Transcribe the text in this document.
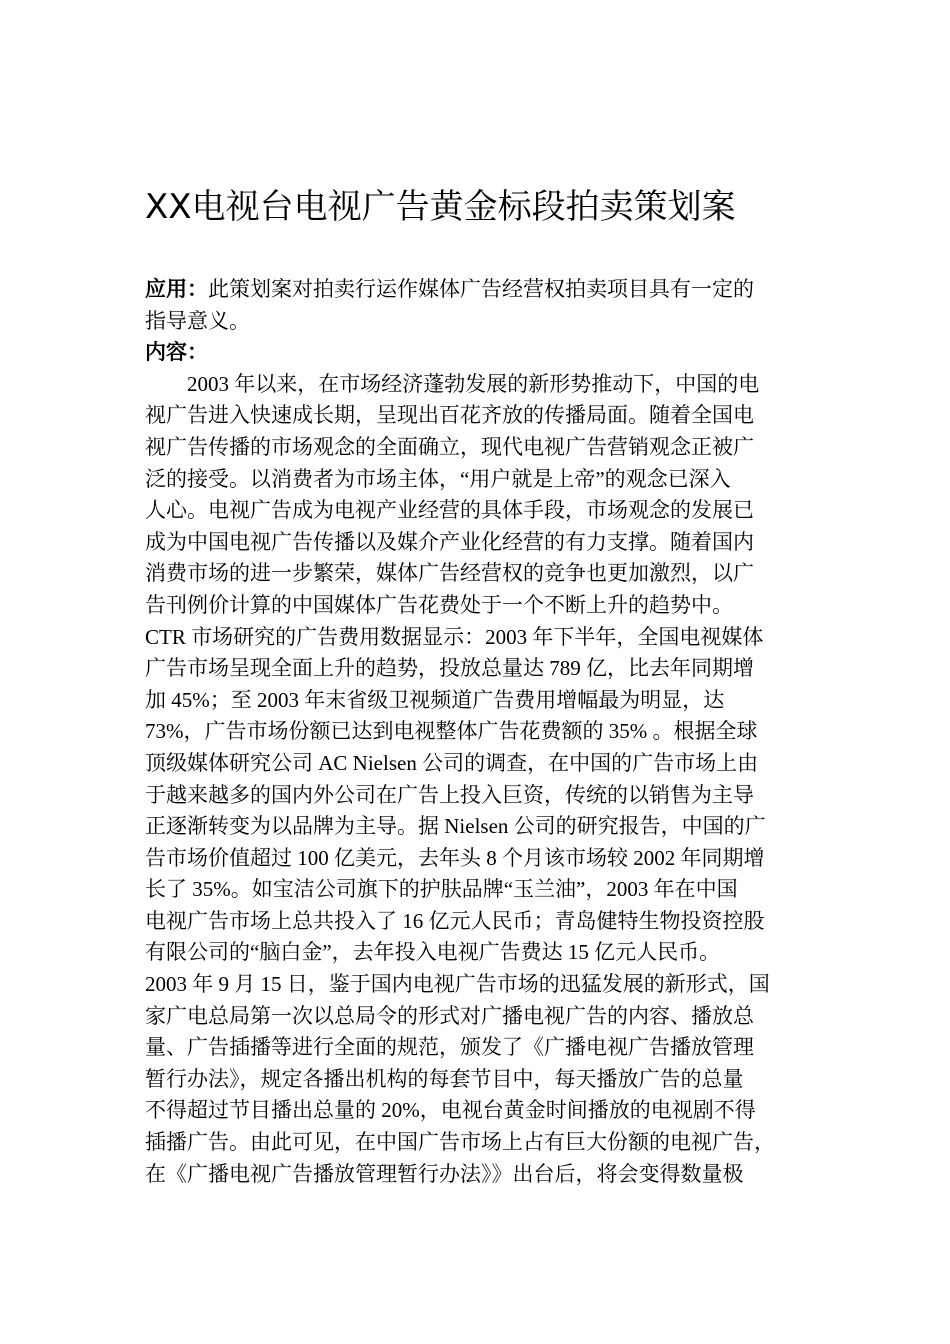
XX电视台电视广告黄金标段拍卖策划案

应用：此策划案对拍卖行运作媒体广告经营权拍卖项目具有一定的
指导意义。

内容：

2003 年以来，在市场经济蓬勃发展的新形势推动下，中国的电
视广告进入快速成长期，呈现出百花齐放的传播局面。随着全国电
视广告传播的市场观念的全面确立，现代电视广告营销观念正被广
泛的接受。以消费者为市场主体，“用户就是上帝”的观念已深入
人心。电视广告成为电视产业经营的具体手段，市场观念的发展已
成为中国电视广告传播以及媒介产业化经营的有力支撑。随着国内
消费市场的进一步繁荣，媒体广告经营权的竞争也更加激烈，以广
告刊例价计算的中国媒体广告花费处于一个不断上升的趋势中。
CTR 市场研究的广告费用数据显示：2003 年下半年，全国电视媒体
广告市场呈现全面上升的趋势，投放总量达 789 亿，比去年同期增
加 45%；至 2003 年末省级卫视频道广告费用增幅最为明显，达
73%，广告市场份额已达到电视整体广告花费额的 35% 。根据全球
顶级媒体研究公司 AC Nielsen 公司的调查，在中国的广告市场上由
于越来越多的国内外公司在广告上投入巨资，传统的以销售为主导
正逐渐转变为以品牌为主导。据 Nielsen 公司的研究报告，中国的广
告市场价值超过 100 亿美元，去年头 8 个月该市场较 2002 年同期增
长了 35%。如宝洁公司旗下的护肤品牌“玉兰油”，2003 年在中国
电视广告市场上总共投入了 16 亿元人民币；青岛健特生物投资控股
有限公司的“脑白金”，去年投入电视广告费达 15 亿元人民币。
2003 年 9 月 15 日，鉴于国内电视广告市场的迅猛发展的新形式，国
家广电总局第一次以总局令的形式对广播电视广告的内容、播放总
量、广告插播等进行全面的规范，颁发了《广播电视广告播放管理
暂行办法》，规定各播出机构的每套节目中，每天播放广告的总量
不得超过节目播出总量的 20%，电视台黄金时间播放的电视剧不得
插播广告。由此可见，在中国广告市场上占有巨大份额的电视广告，
在《广播电视广告播放管理暂行办法》》出台后，将会变得数量极
